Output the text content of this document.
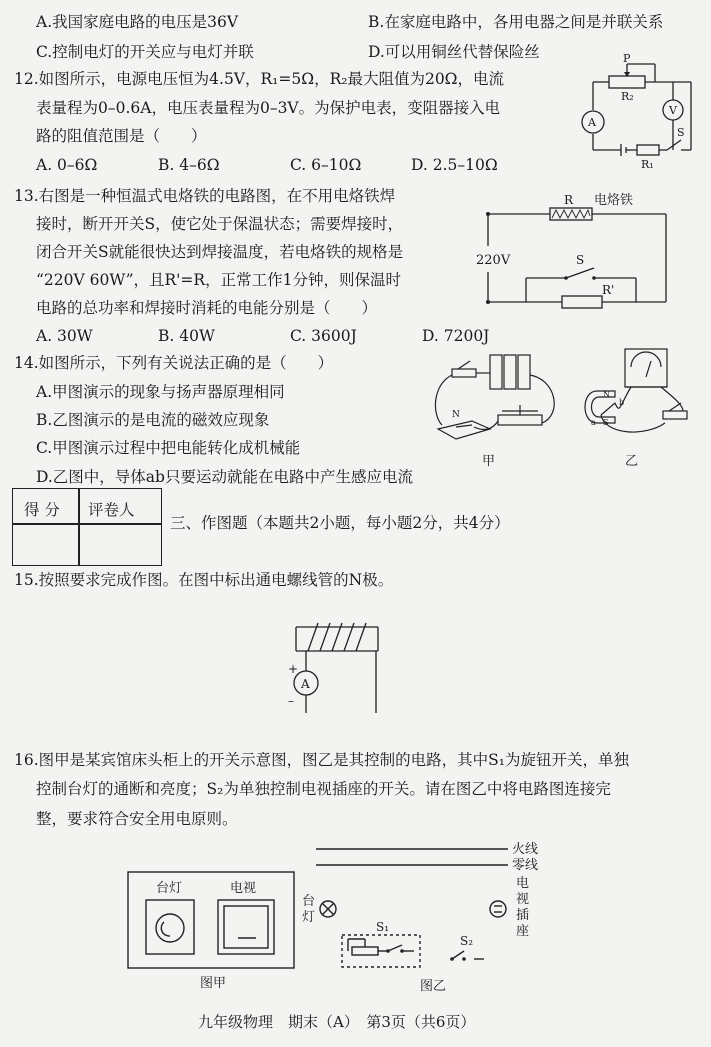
A.我国家庭电路的电压是36V	B.在家庭电路中，各用电器之间是并联关系
C.控制电灯的开关应与电灯并联	D.可以用铜丝代替保险丝
12.如图所示，电源电压恒为4.5V，R₁=5Ω，R₂最大阻值为20Ω，电流
表量程为0–0.6A，电压表量程为0–3V。为保护电表，变阻器接入电
路的阻值范围是（　　）
A. 0–6Ω	B. 4–6Ω	C. 6–10Ω	D. 2.5–10Ω
P
R₂
V
A
S
R₁
13.右图是一种恒温式电烙铁的电路图，在不用电烙铁焊
接时，断开开关S，使它处于保温状态；需要焊接时，
闭合开关S就能很快达到焊接温度，若电烙铁的规格是
“220V 60W”，且R'=R，正常工作1分钟，则保温时
电路的总功率和焊接时消耗的电能分别是（　　）
A. 30W	B. 40W	C. 3600J	D. 7200J
R 电烙铁
220V	S
R'
14.如图所示，下列有关说法正确的是（　　）
A.甲图演示的现象与扬声器原理相同
B.乙图演示的是电流的磁效应现象
C.甲图演示过程中把电能转化成机械能
D.乙图中，导体ab只要运动就能在电路中产生感应电流
N
甲
N
S
a
b
乙
得 分 评卷人
三、作图题（本题共2小题，每小题2分，共4分）
15.按照要求完成作图。在图中标出通电螺线管的N极。
+
A
–
16.图甲是某宾馆床头柜上的开关示意图，图乙是其控制的电路，其中S₁为旋钮开关，单独
控制台灯的通断和亮度；S₂为单独控制电视插座的开关。请在图乙中将电路图连接完
整，要求符合安全用电原则。
台灯	电视
图甲
火线
零线
台 灯
电 视 插 座
S₁
S₂
图乙
九年级物理　期末（A）　第3页（共6页）
